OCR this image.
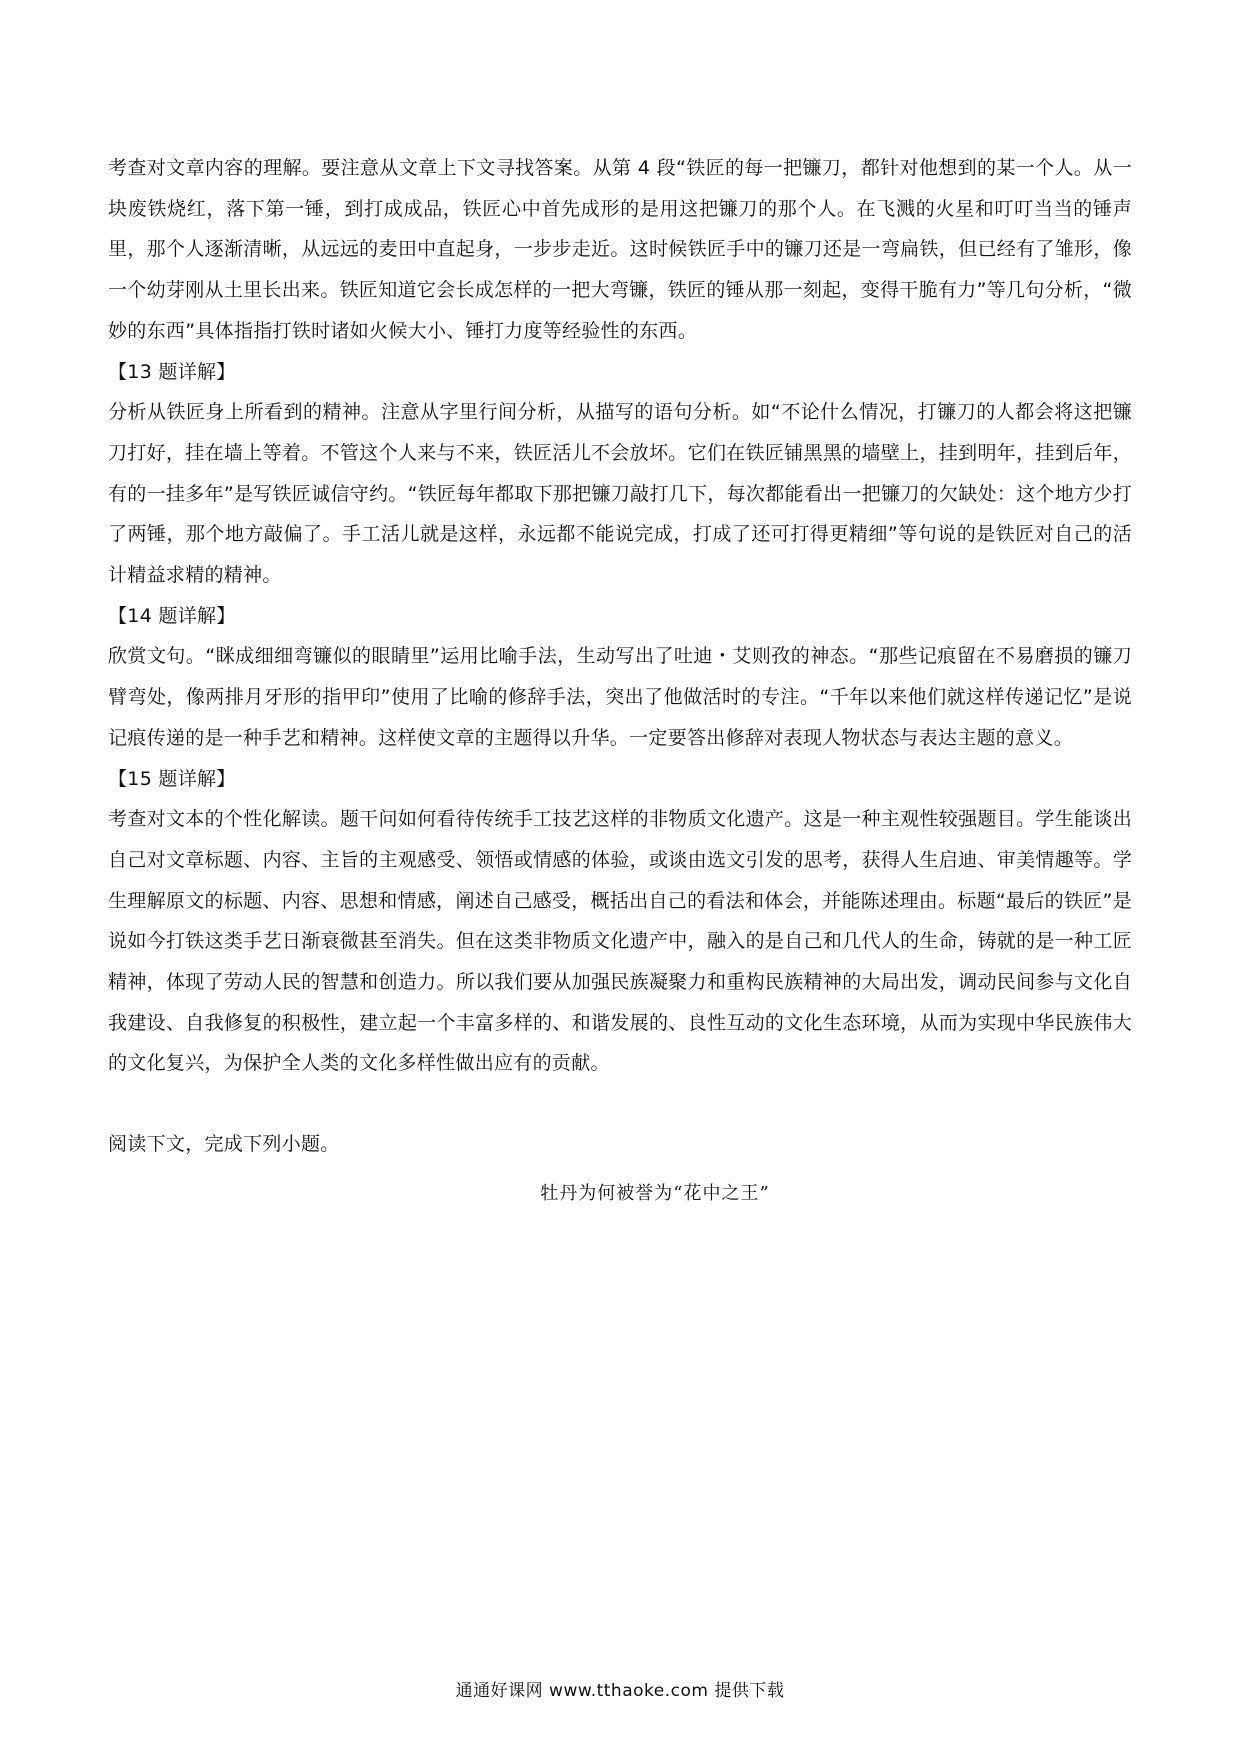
考查对文章内容的理解。要注意从文章上下文寻找答案。从第 4 段“铁匠的每一把镰刀，都针对他想到的某一个人。从一块废铁烧红，落下第一锤，到打成成品，铁匠心中首先成形的是用这把镰刀的那个人。在飞溅的火星和叮叮当当的锤声里，那个人逐渐清晰，从远远的麦田中直起身，一步步走近。这时候铁匠手中的镰刀还是一弯扁铁，但已经有了雏形，像一个幼芽刚从土里长出来。铁匠知道它会长成怎样的一把大弯镰，铁匠的锤从那一刻起，变得干脆有力”等几句分析，“微妙的东西”具体指指打铁时诸如火候大小、锤打力度等经验性的东西。

【13 题详解】

分析从铁匠身上所看到的精神。注意从字里行间分析，从描写的语句分析。如“不论什么情况，打镰刀的人都会将这把镰刀打好，挂在墙上等着。不管这个人来与不来，铁匠活儿不会放坏。它们在铁匠铺黑黑的墙壁上，挂到明年，挂到后年，有的一挂多年”是写铁匠诚信守约。“铁匠每年都取下那把镰刀敲打几下，每次都能看出一把镰刀的欠缺处：这个地方少打了两锤，那个地方敲偏了。手工活儿就是这样，永远都不能说完成，打成了还可打得更精细”等句说的是铁匠对自己的活计精益求精的精神。

【14 题详解】

欣赏文句。“眯成细细弯镰似的眼睛里”运用比喻手法，生动写出了吐迪・艾则孜的神态。“那些记痕留在不易磨损的镰刀臂弯处，像两排月牙形的指甲印”使用了比喻的修辞手法，突出了他做活时的专注。“千年以来他们就这样传递记忆”是说记痕传递的是一种手艺和精神。这样使文章的主题得以升华。一定要答出修辞对表现人物状态与表达主题的意义。

【15 题详解】

考查对文本的个性化解读。题干问如何看待传统手工技艺这样的非物质文化遗产。这是一种主观性较强题目。学生能谈出自己对文章标题、内容、主旨的主观感受、领悟或情感的体验，或谈由选文引发的思考，获得人生启迪、审美情趣等。学生理解原文的标题、内容、思想和情感，阐述自己感受，概括出自己的看法和体会，并能陈述理由。标题“最后的铁匠”是说如今打铁这类手艺日渐衰微甚至消失。但在这类非物质文化遗产中，融入的是自己和几代人的生命，铸就的是一种工匠精神，体现了劳动人民的智慧和创造力。所以我们要从加强民族凝聚力和重构民族精神的大局出发，调动民间参与文化自我建设、自我修复的积极性，建立起一个丰富多样的、和谐发展的、良性互动的文化生态环境，从而为实现中华民族伟大的文化复兴，为保护全人类的文化多样性做出应有的贡献。

阅读下文，完成下列小题。

牡丹为何被誉为“花中之王”

通通好课网 www.tthaoke.com 提供下载
